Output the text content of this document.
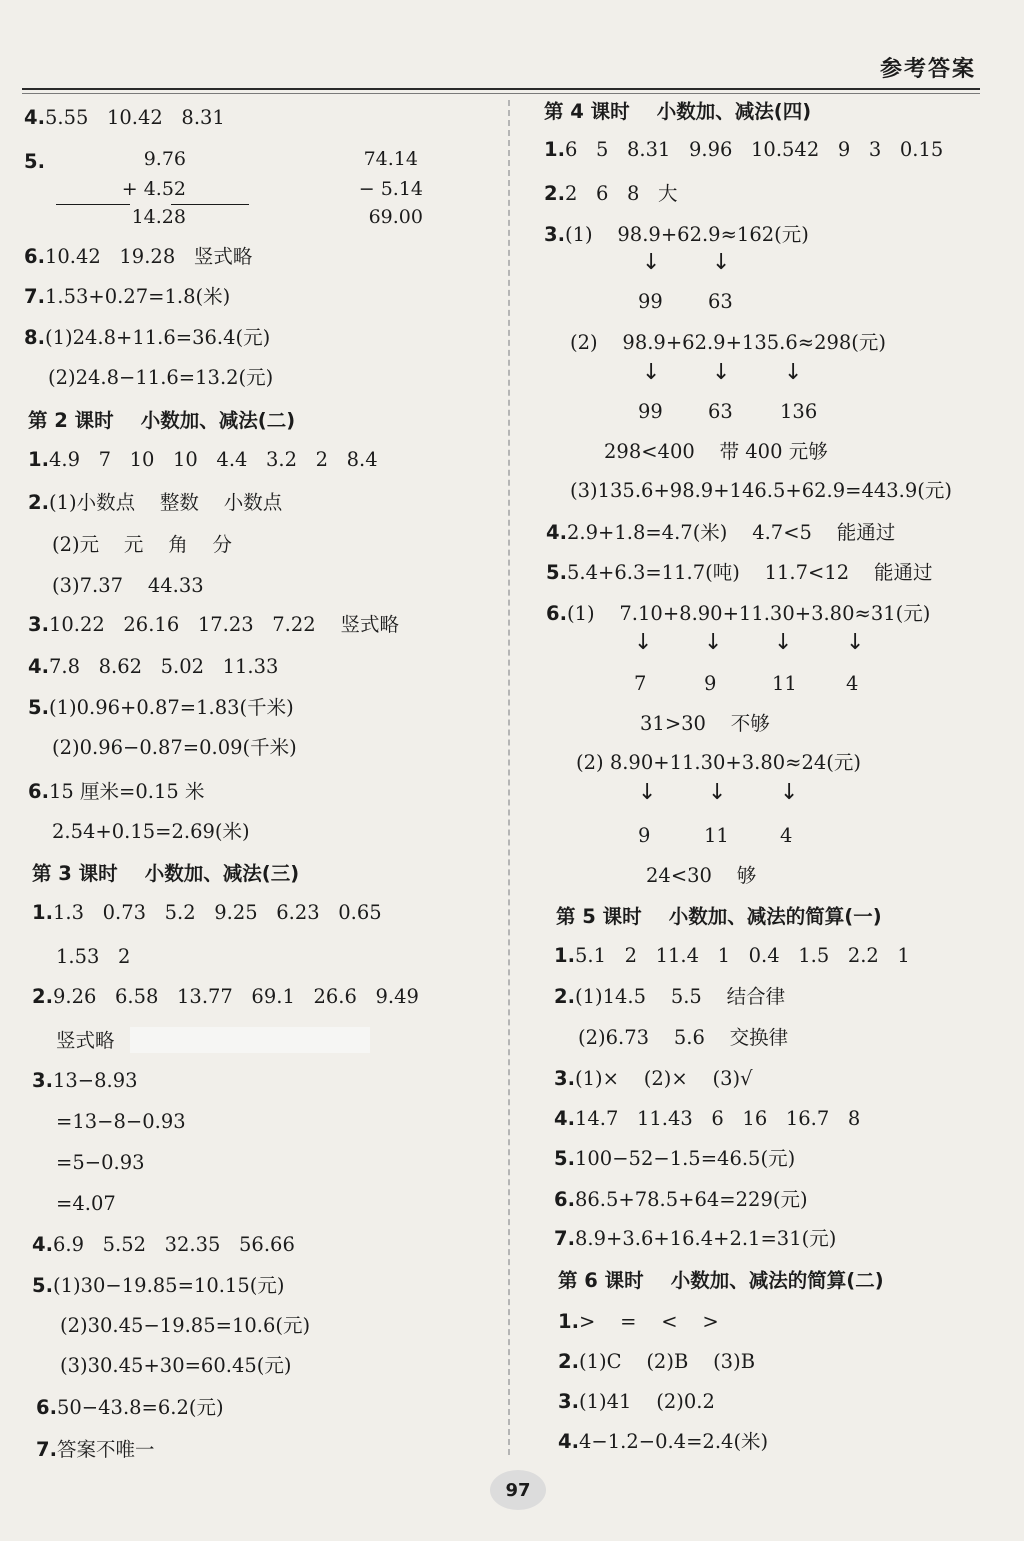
参考答案
4.5.55   10.42   8.31
5.	9.76
+ 4.52
14.28
74.14
− 5.14
69.00
6.10.42   19.28   竖式略
7.1.53+0.27=1.8(米)
8.(1)24.8+11.6=36.4(元)
(2)24.8−11.6=13.2(元)
第 2 课时    小数加、减法(二)
1.4.9   7   10   10   4.4   3.2   2   8.4
2.(1)小数点    整数    小数点
(2)元    元    角    分
(3)7.37    44.33
3.10.22   26.16   17.23   7.22    竖式略
4.7.8   8.62   5.02   11.33
5.(1)0.96+0.87=1.83(千米)
(2)0.96−0.87=0.09(千米)
6.15 厘米=0.15 米
2.54+0.15=2.69(米)
第 3 课时    小数加、减法(三)
1.1.3   0.73   5.2   9.25   6.23   0.65
1.53   2
2.9.26   6.58   13.77   69.1   26.6   9.49
竖式略
3.13−8.93
=13−8−0.93
=5−0.93
=4.07
4.6.9   5.52   32.35   56.66
5.(1)30−19.85=10.15(元)
(2)30.45−19.85=10.6(元)
(3)30.45+30=60.45(元)
6.50−43.8=6.2(元)
7.答案不唯一
第 4 课时    小数加、减法(四)
1.6   5   8.31   9.96   10.542   9   3   0.15
2.2   6   8   大
3.(1)    98.9+62.9≈162(元)
↓ ↓
99 63
(2)    98.9+62.9+135.6≈298(元)
↓ ↓ ↓
99 63 136
298<400    带 400 元够
(3)135.6+98.9+146.5+62.9=443.9(元)
4.2.9+1.8=4.7(米)    4.7<5    能通过
5.5.4+6.3=11.7(吨)    11.7<12    能通过
6.(1)    7.10+8.90+11.30+3.80≈31(元)
↓ ↓ ↓ ↓
7	9	11	4
31>30    不够
(2) 8.90+11.30+3.80≈24(元)
↓ ↓ ↓
9	11	4
24<30    够
第 5 课时    小数加、减法的简算(一)
1.5.1   2   11.4   1   0.4   1.5   2.2   1
2.(1)14.5    5.5    结合律
(2)6.73    5.6    交换律
3.(1)×    (2)×    (3)√
4.14.7   11.43   6   16   16.7   8
5.100−52−1.5=46.5(元)
6.86.5+78.5+64=229(元)
7.8.9+3.6+16.4+2.1=31(元)
第 6 课时    小数加、减法的简算(二)
1.>    =    <    >
2.(1)C    (2)B    (3)B
3.(1)41    (2)0.2
4.4−1.2−0.4=2.4(米)
97
